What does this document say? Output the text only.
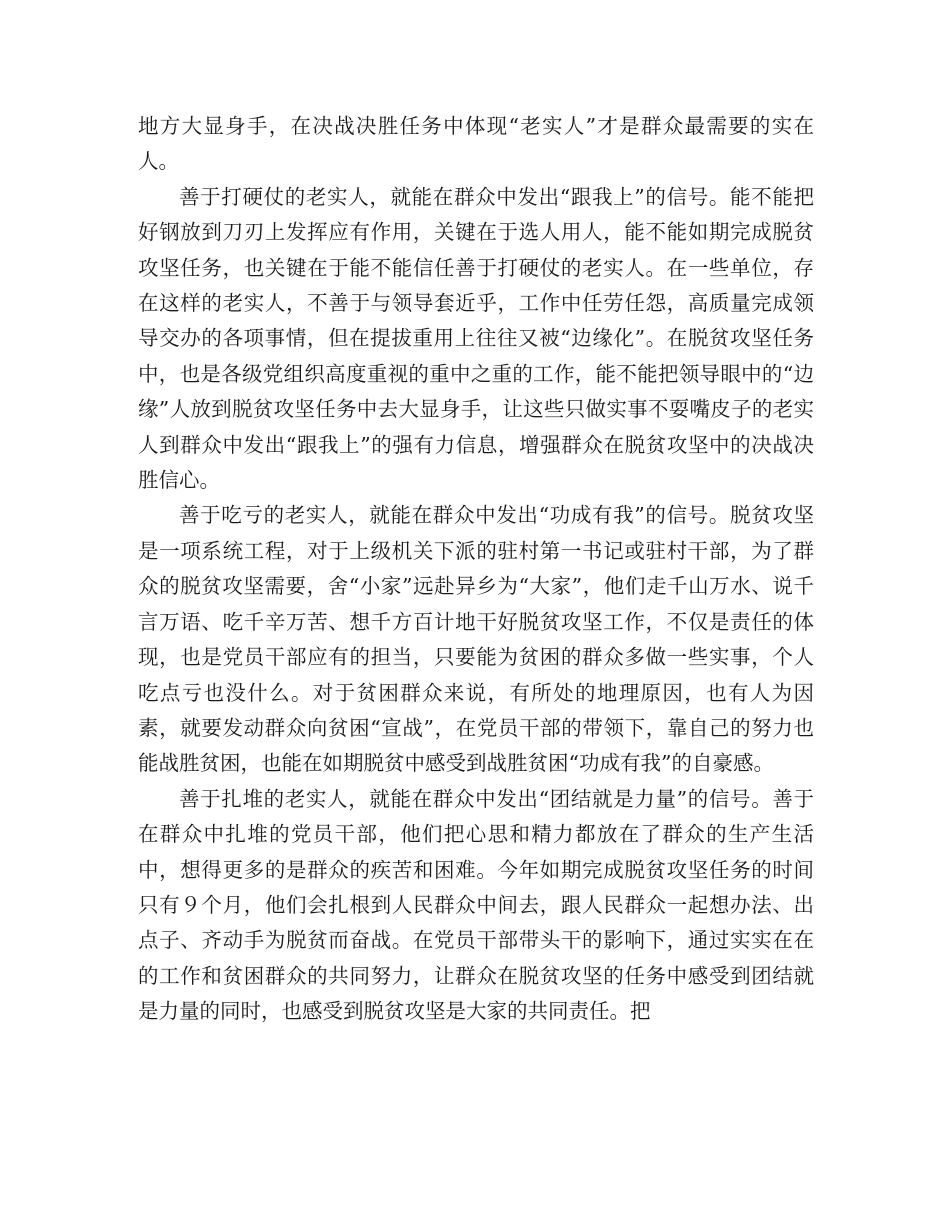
地方大显身手，在决战决胜任务中体现“老实人”才是群众最需要的实在人。

善于打硬仗的老实人，就能在群众中发出“跟我上”的信号。能不能把好钢放到刀刃上发挥应有作用，关键在于选人用人，能不能如期完成脱贫攻坚任务，也关键在于能不能信任善于打硬仗的老实人。在一些单位，存在这样的老实人，不善于与领导套近乎，工作中任劳任怨，高质量完成领导交办的各项事情，但在提拔重用上往往又被“边缘化”。在脱贫攻坚任务中，也是各级党组织高度重视的重中之重的工作，能不能把领导眼中的“边缘”人放到脱贫攻坚任务中去大显身手，让这些只做实事不耍嘴皮子的老实人到群众中发出“跟我上”的强有力信息，增强群众在脱贫攻坚中的决战决胜信心。

善于吃亏的老实人，就能在群众中发出“功成有我”的信号。脱贫攻坚是一项系统工程，对于上级机关下派的驻村第一书记或驻村干部，为了群众的脱贫攻坚需要，舍“小家”远赴异乡为“大家”，他们走千山万水、说千言万语、吃千辛万苦、想千方百计地干好脱贫攻坚工作，不仅是责任的体现，也是党员干部应有的担当，只要能为贫困的群众多做一些实事，个人吃点亏也没什么。对于贫困群众来说，有所处的地理原因，也有人为因素，就要发动群众向贫困“宣战”，在党员干部的带领下，靠自己的努力也能战胜贫困，也能在如期脱贫中感受到战胜贫困“功成有我”的自豪感。

善于扎堆的老实人，就能在群众中发出“团结就是力量”的信号。善于在群众中扎堆的党员干部，他们把心思和精力都放在了群众的生产生活中，想得更多的是群众的疾苦和困难。今年如期完成脱贫攻坚任务的时间只有９个月，他们会扎根到人民群众中间去，跟人民群众一起想办法、出点子、齐动手为脱贫而奋战。在党员干部带头干的影响下，通过实实在在的工作和贫困群众的共同努力，让群众在脱贫攻坚的任务中感受到团结就是力量的同时，也感受到脱贫攻坚是大家的共同责任。把
